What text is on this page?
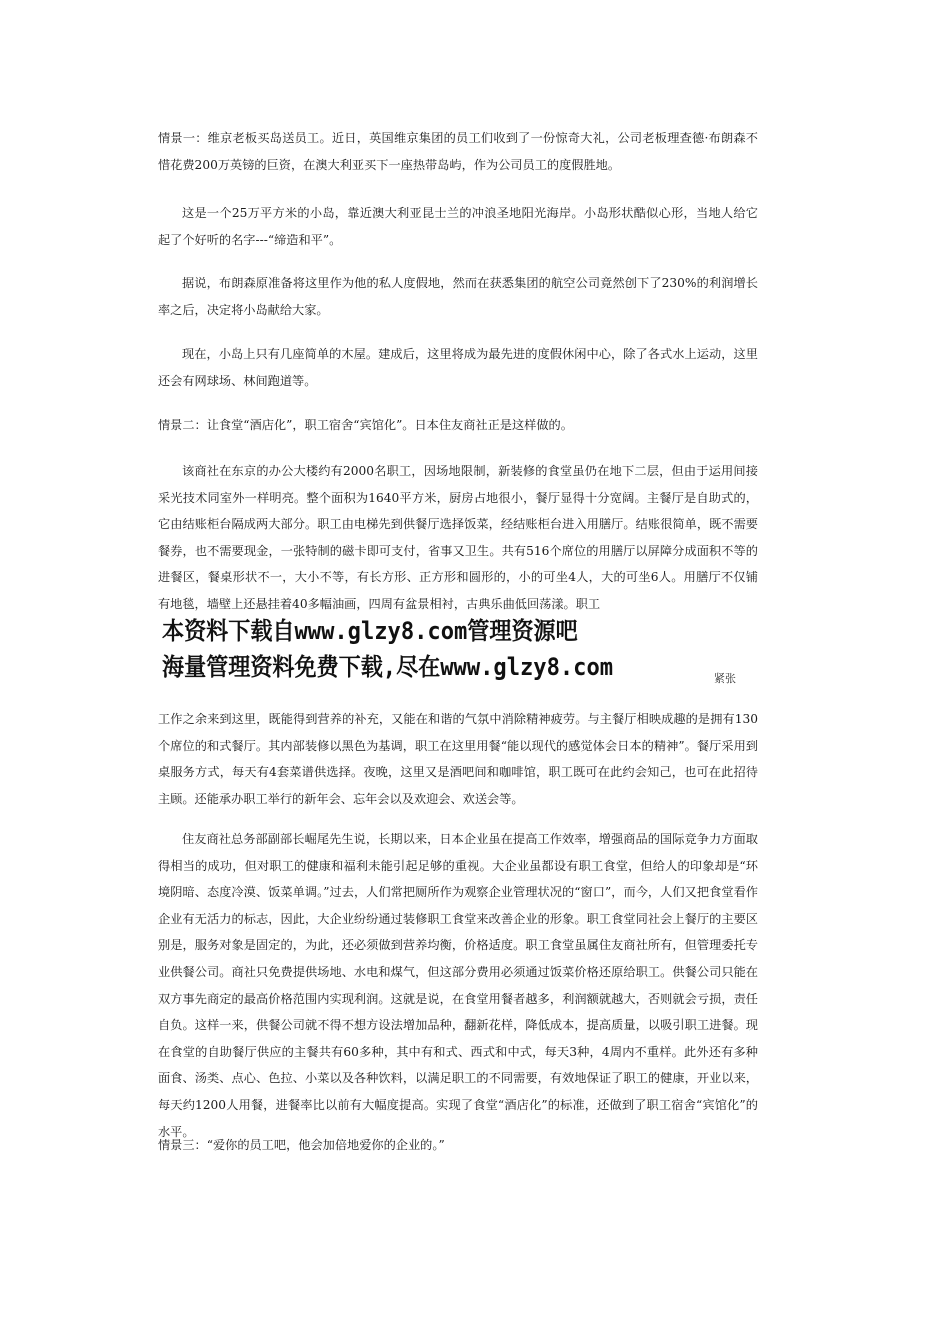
情景一：维京老板买岛送员工。近日，英国维京集团的员工们收到了一份惊奇大礼，公司老板理查德·布朗森不惜花费200万英镑的巨资，在澳大利亚买下一座热带岛屿，作为公司员工的度假胜地。

这是一个25万平方米的小岛，靠近澳大利亚昆士兰的冲浪圣地阳光海岸。小岛形状酷似心形，当地人给它起了个好听的名字---“缔造和平”。

据说，布朗森原准备将这里作为他的私人度假地，然而在获悉集团的航空公司竟然创下了230%的利润增长率之后，决定将小岛献给大家。

现在，小岛上只有几座简单的木屋。建成后，这里将成为最先进的度假休闲中心，除了各式水上运动，这里还会有网球场、林间跑道等。

情景二：让食堂“酒店化”，职工宿舍“宾馆化”。日本住友商社正是这样做的。

该商社在东京的办公大楼约有2000名职工，因场地限制，新装修的食堂虽仍在地下二层，但由于运用间接采光技术同室外一样明亮。整个面积为1640平方米，厨房占地很小，餐厅显得十分宽阔。主餐厅是自助式的，它由结账柜台隔成两大部分。职工由电梯先到供餐厅选择饭菜，经结账柜台进入用膳厅。结账很简单，既不需要餐券，也不需要现金，一张特制的磁卡即可支付，省事又卫生。共有516个席位的用膳厅以屏障分成面积不等的进餐区，餐桌形状不一，大小不等，有长方形、正方形和圆形的，小的可坐4人，大的可坐6人。用膳厅不仅铺有地毯，墙壁上还悬挂着40多幅油画，四周有盆景相衬，古典乐曲低回荡漾。职工

本资料下载自www.glzy8.com管理资源吧
海量管理资料免费下载,尽在www.glzy8.com	紧张

工作之余来到这里，既能得到营养的补充，又能在和谐的气氛中消除精神疲劳。与主餐厅相映成趣的是拥有130个席位的和式餐厅。其内部装修以黑色为基调，职工在这里用餐“能以现代的感觉体会日本的精神”。餐厅采用到桌服务方式，每天有4套菜谱供选择。夜晚，这里又是酒吧间和咖啡馆，职工既可在此约会知己，也可在此招待主顾。还能承办职工举行的新年会、忘年会以及欢迎会、欢送会等。

住友商社总务部副部长崛尾先生说，长期以来，日本企业虽在提高工作效率，增强商品的国际竞争力方面取得相当的成功，但对职工的健康和福利未能引起足够的重视。大企业虽都设有职工食堂，但给人的印象却是“环境阴暗、态度冷漠、饭菜单调。”过去，人们常把厕所作为观察企业管理状况的“窗口”，而今，人们又把食堂看作企业有无活力的标志，因此，大企业纷纷通过装修职工食堂来改善企业的形象。职工食堂同社会上餐厅的主要区别是，服务对象是固定的，为此，还必须做到营养均衡，价格适度。职工食堂虽属住友商社所有，但管理委托专业供餐公司。商社只免费提供场地、水电和煤气，但这部分费用必须通过饭菜价格还原给职工。供餐公司只能在双方事先商定的最高价格范围内实现利润。这就是说，在食堂用餐者越多，利润额就越大，否则就会亏损，责任自负。这样一来，供餐公司就不得不想方设法增加品种，翻新花样，降低成本，提高质量，以吸引职工进餐。现在食堂的自助餐厅供应的主餐共有60多种，其中有和式、西式和中式，每天3种，4周内不重样。此外还有多种面食、汤类、点心、色拉、小菜以及各种饮料，以满足职工的不同需要，有效地保证了职工的健康，开业以来，每天约1200人用餐，进餐率比以前有大幅度提高。实现了食堂“酒店化”的标准，还做到了职工宿舍“宾馆化”的水平。

情景三：“爱你的员工吧，他会加倍地爱你的企业的。”
